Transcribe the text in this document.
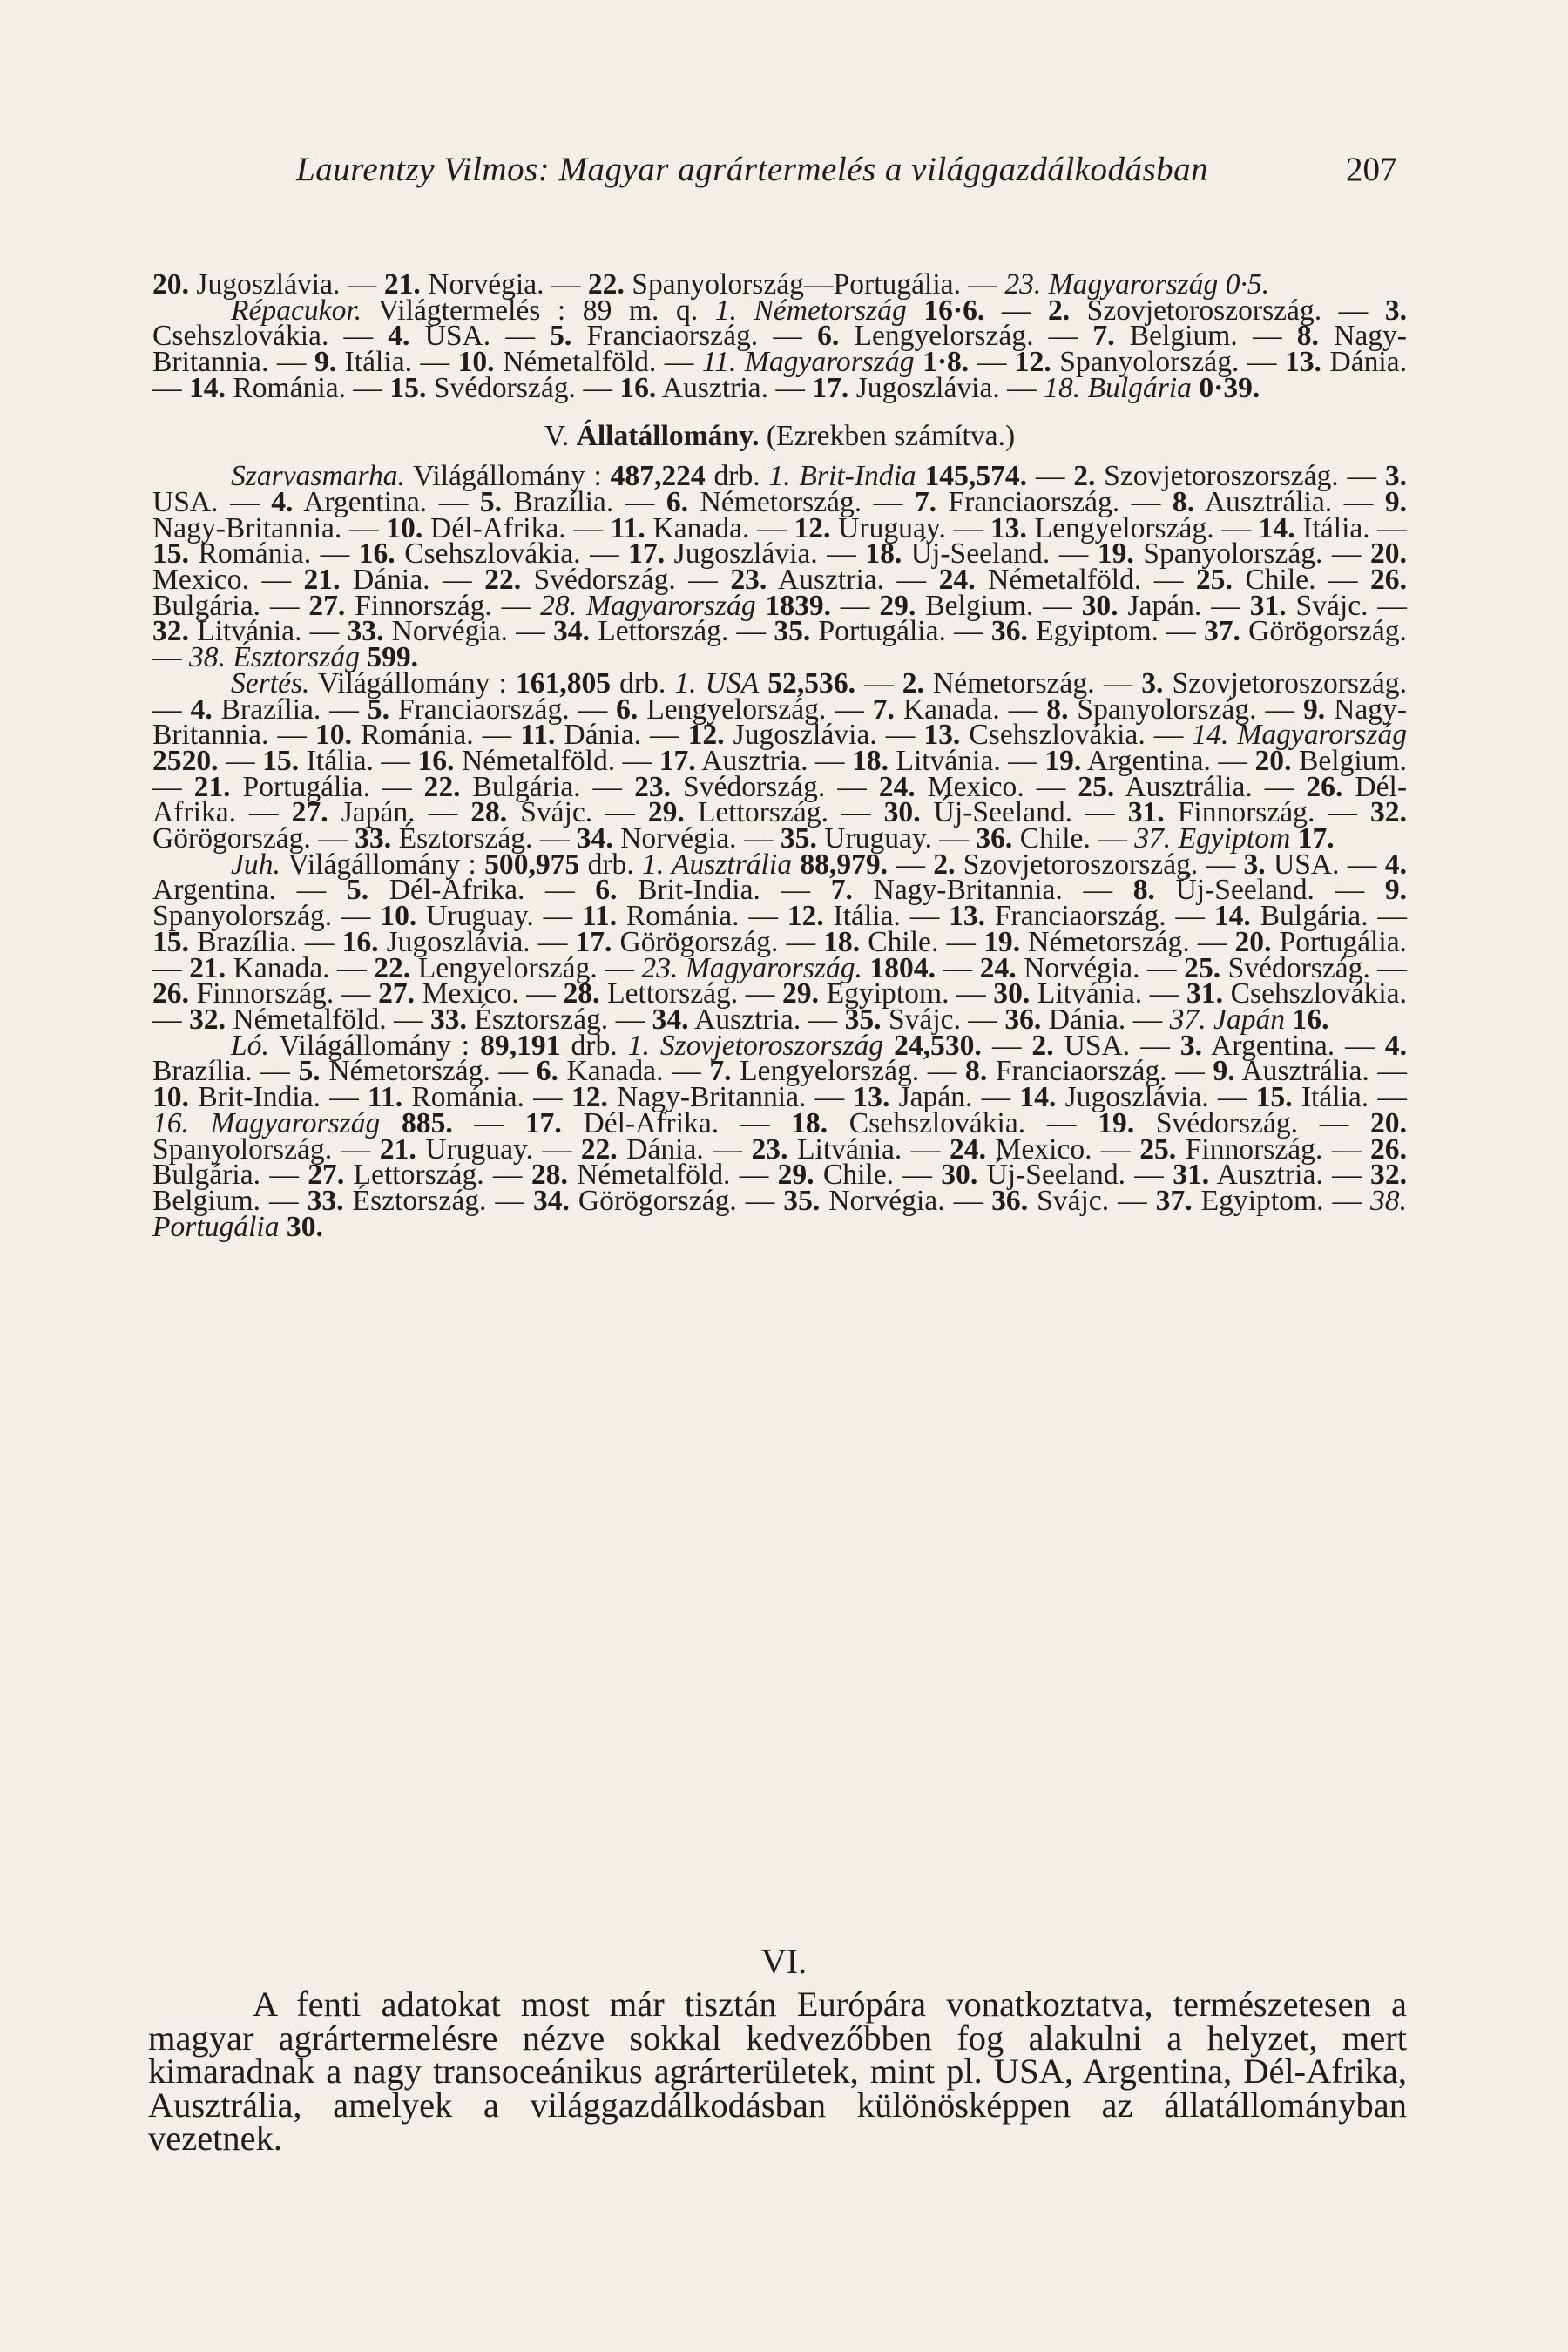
Laurentzy Vilmos: Magyar agrártermelés a világgazdálkodásban	207

20. Jugoszlávia. — 21. Norvégia. — 22. Spanyolország—Portugália. — 23. Magyarország 0·5.

Répacukor. Világtermelés : 89 m. q. 1. Németország 16·6. — 2. Szovjetoroszország. — 3. Csehszlovákia. — 4. USA. — 5. Franciaország. — 6. Lengyelország. — 7. Belgium. — 8. Nagy-Britannia. — 9. Itália. — 10. Németalföld. — 11. Magyarország 1·8. — 12. Spanyolország. — 13. Dánia. — 14. Románia. — 15. Svédország. — 16. Ausztria. — 17. Jugoszlávia. — 18. Bulgária 0·39.

V. Állatállomány. (Ezrekben számítva.)

Szarvasmarha. Világállomány : 487,224 drb. 1. Brit-India 145,574. — 2. Szovjetoroszország. — 3. USA. — 4. Argentina. — 5. Brazília. — 6. Németország. — 7. Franciaország. — 8. Ausztrália. — 9. Nagy-Britannia. — 10. Dél-Afrika. — 11. Kanada. — 12. Uruguay. — 13. Lengyelország. — 14. Itália. — 15. Románia. — 16. Csehszlovákia. — 17. Jugoszlávia. — 18. Új-Seeland. — 19. Spanyolország. — 20. Mexico. — 21. Dánia. — 22. Svédország. — 23. Ausztria. — 24. Németalföld. — 25. Chile. — 26. Bulgária. — 27. Finnország. — 28. Magyarország 1839. — 29. Belgium. — 30. Japán. — 31. Svájc. — 32. Litvánia. — 33. Norvégia. — 34. Lettország. — 35. Portugália. — 36. Egyiptom. — 37. Görögország. — 38. Észtország 599.

Sertés. Világállomány : 161,805 drb. 1. USA 52,536. — 2. Németország. — 3. Szovjetoroszország. — 4. Brazília. — 5. Franciaország. — 6. Lengyelország. — 7. Kanada. — 8. Spanyolország. — 9. Nagy-Britannia. — 10. Románia. — 11. Dánia. — 12. Jugoszlávia. — 13. Csehszlovákia. — 14. Magyarország 2520. — 15. Itália. — 16. Németalföld. — 17. Ausztria. — 18. Litvánia. — 19. Argentina. — 20. Belgium. — 21. Portugália. — 22. Bulgária. — 23. Svédország. — 24. Mexico. — 25. Ausztrália. — 26. Dél-Afrika. — 27. Japán. — 28. Svájc. — 29. Lettország. — 30. Új-Seeland. — 31. Finnország. — 32. Görögország. — 33. Észtország. — 34. Norvégia. — 35. Uruguay. — 36. Chile. — 37. Egyiptom 17.

Juh. Világállomány : 500,975 drb. 1. Ausztrália 88,979. — 2. Szovjetoroszország. — 3. USA. — 4. Argentina. — 5. Dél-Afrika. — 6. Brit-India. — 7. Nagy-Britannia. — 8. Új-Seeland. — 9. Spanyolország. — 10. Uruguay. — 11. Románia. — 12. Itália. — 13. Franciaország. — 14. Bulgária. — 15. Brazília. — 16. Jugoszlávia. — 17. Görögország. — 18. Chile. — 19. Németország. — 20. Portugália. — 21. Kanada. — 22. Lengyelország. — 23. Magyarország. 1804. — 24. Norvégia. — 25. Svédország. — 26. Finnország. — 27. Mexico. — 28. Lettország. — 29. Egyiptom. — 30. Litvánia. — 31. Csehszlovákia. — 32. Németalföld. — 33. Észtország. — 34. Ausztria. — 35. Svájc. — 36. Dánia. — 37. Japán 16.

Ló. Világállomány : 89,191 drb. 1. Szovjetoroszország 24,530. — 2. USA. — 3. Argentina. — 4. Brazília. — 5. Németország. — 6. Kanada. — 7. Lengyelország. — 8. Franciaország. — 9. Ausztrália. — 10. Brit-India. — 11. Románia. — 12. Nagy-Britannia. — 13. Japán. — 14. Jugoszlávia. — 15. Itália. — 16. Magyarország 885. — 17. Dél-Afrika. — 18. Csehszlovákia. — 19. Svédország. — 20. Spanyolország. — 21. Uruguay. — 22. Dánia. — 23. Litvánia. — 24. Mexico. — 25. Finnország. — 26. Bulgária. — 27. Lettország. — 28. Németalföld. — 29. Chile. — 30. Új-Seeland. — 31. Ausztria. — 32. Belgium. — 33. Észtország. — 34. Görögország. — 35. Norvégia. — 36. Svájc. — 37. Egyiptom. — 38. Portugália 30.

VI.

A fenti adatokat most már tisztán Európára vonatkoztatva, természetesen a magyar agrártermelésre nézve sokkal kedvezőbben fog alakulni a helyzet, mert kimaradnak a nagy transoceánikus agrárterületek, mint pl. USA, Argentina, Dél-Afrika, Ausztrália, amelyek a világgazdálkodásban különösképpen az állatállományban vezetnek.
